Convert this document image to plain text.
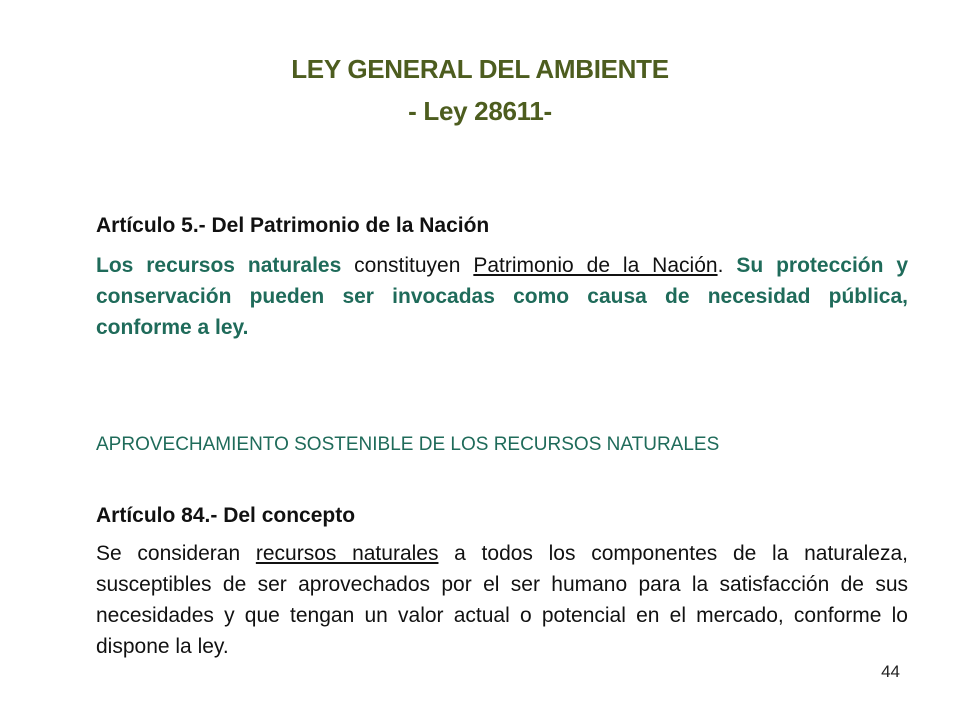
LEY GENERAL DEL AMBIENTE
- Ley 28611-
Artículo 5.- Del Patrimonio de la Nación
Los recursos naturales constituyen Patrimonio de la Nación. Su protección y conservación pueden ser invocadas como causa de necesidad pública, conforme a ley.
APROVECHAMIENTO SOSTENIBLE DE LOS RECURSOS NATURALES
Artículo 84.- Del concepto
Se consideran recursos naturales a todos los componentes de la naturaleza, susceptibles de ser aprovechados por el ser humano para la satisfacción de sus necesidades y que tengan un valor actual o potencial en el mercado, conforme lo dispone la ley.
44
